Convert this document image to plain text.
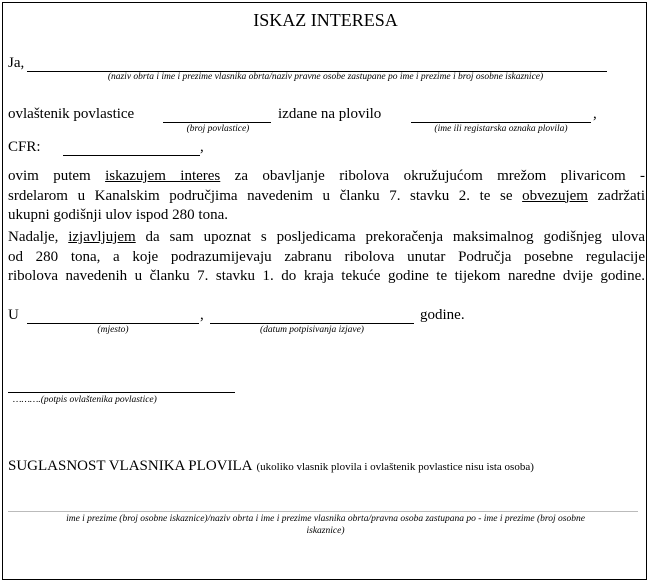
ISKAZ INTERESA
Ja,
(naziv obrta i ime i prezime vlasnika obrta/naziv pravne osobe zastupane po ime i prezime i broj osobne iskaznice)
ovlaštenik povlastice	izdane na plovilo	,
(broj povlastice)	(ime ili registarska oznaka plovila)
CFR:	,
ovim putem iskazujem interes za obavljanje ribolova okružujućom mrežom plivaricom -
srdelarom u Kanalskim područjima navedenim u članku 7. stavku 2. te se obvezujem zadržati
ukupni godišnji ulov ispod 280 tona.
Nadalje, izjavljujem da sam upoznat s posljedicama prekoračenja maksimalnog godišnjeg ulova
od 280 tona, a koje podrazumijevaju zabranu ribolova unutar Područja posebne regulacije
ribolova navedenih u članku 7. stavku 1. do kraja tekuće godine te tijekom naredne dvije godine.
U	,	godine.
(mjesto)	(datum potpisivanja izjave)
……….(potpis ovlaštenika povlastice)
SUGLASNOST VLASNIKA PLOVILA (ukoliko vlasnik plovila i ovlaštenik povlastice nisu ista osoba)
ime i prezime (broj osobne iskaznice)/naziv obrta i ime i prezime vlasnika obrta/pravna osoba zastupana po - ime i prezime (broj osobne
iskaznice)
